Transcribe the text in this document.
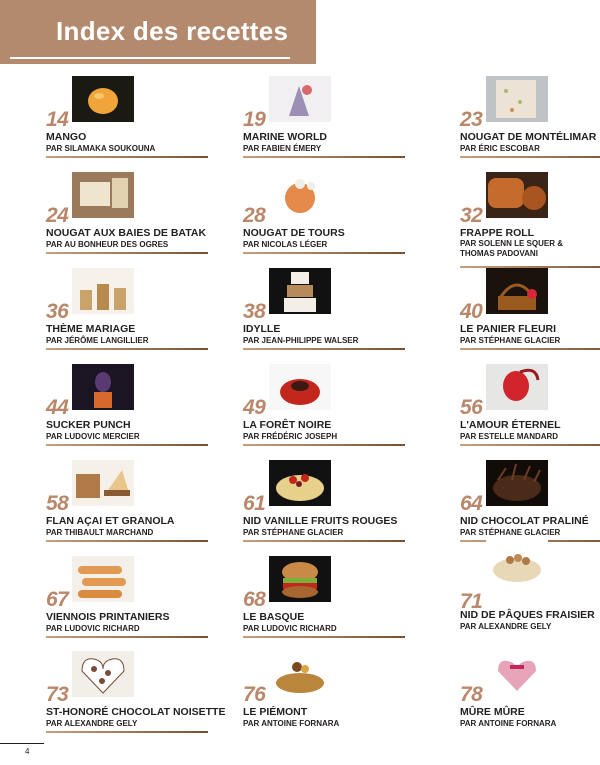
Index des recettes
14
MANGO
PAR SILAMAKA SOUKOUNA
19
MARINE WORLD
PAR FABIEN ÉMERY
23
NOUGAT DE MONTÉLIMAR
PAR ÉRIC ESCOBAR
24
NOUGAT AUX BAIES DE BATAK
PAR AU BONHEUR DES OGRES
28
NOUGAT DE TOURS
PAR NICOLAS LÉGER
32
FRAPPE ROLL
PAR SOLENN LE SQUER & THOMAS PADOVANI
36
THÈME MARIAGE
PAR JÉRÔME LANGILLIER
38
IDYLLE
PAR JEAN-PHILIPPE WALSER
40
LE PANIER FLEURI
PAR STÉPHANE GLACIER
44
SUCKER PUNCH
PAR LUDOVIC MERCIER
49
LA FORÊT NOIRE
PAR FRÉDÉRIC JOSEPH
56
L'AMOUR ÉTERNEL
PAR ESTELLE MANDARD
58
FLAN AÇAI ET GRANOLA
PAR THIBAULT MARCHAND
61
NID VANILLE FRUITS ROUGES
PAR STÉPHANE GLACIER
64
NID CHOCOLAT PRALINÉ
PAR STÉPHANE GLACIER
67
VIENNOIS PRINTANIERS
PAR LUDOVIC RICHARD
68
LE BASQUE
PAR LUDOVIC RICHARD
71
NID DE PÂQUES FRAISIER
PAR ALEXANDRE GELY
73
ST-HONORÉ CHOCOLAT NOISETTE
PAR ALEXANDRE GELY
76
LE PIÉMONT
PAR ANTOINE FORNARA
78
MÛRE MÛRE
PAR ANTOINE FORNARA
4
